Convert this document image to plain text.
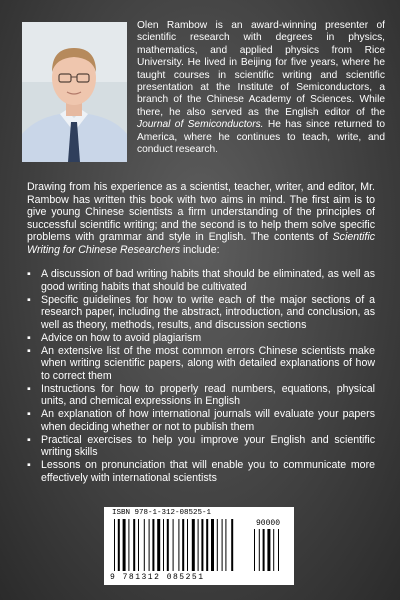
Olen Rambow is an award-winning presenter of scientific research with degrees in physics, mathematics, and applied physics from Rice University. He lived in Beijing for five years, where he taught courses in scientific writing and scientific presentation at the Institute of Semiconductors, a branch of the Chinese Academy of Sciences. While there, he also served as the English editor of the Journal of Semiconductors. He has since returned to America, where he continues to teach, write, and conduct research.
Drawing from his experience as a scientist, teacher, writer, and editor, Mr. Rambow has written this book with two aims in mind. The first aim is to give young Chinese scientists a firm understanding of the principles of successful scientific writing; and the second is to help them solve specific problems with grammar and style in English. The contents of Scientific Writing for Chinese Researchers include:
▪ A discussion of bad writing habits that should be eliminated, as well as good writing habits that should be cultivated
▪ Specific guidelines for how to write each of the major sections of a research paper, including the abstract, introduction, and conclusion, as well as theory, methods, results, and discussion sections
▪ Advice on how to avoid plagiarism
▪ An extensive list of the most common errors Chinese scientists make when writing scientific papers, along with detailed explanations of how to correct them
▪ Instructions for how to properly read numbers, equations, physical units, and chemical expressions in English
▪ An explanation of how international journals will evaluate your papers when deciding whether or not to publish them
▪ Practical exercises to help you improve your English and scientific writing skills
▪ Lessons on pronunciation that will enable you to communicate more effectively with international scientists
ISBN 978-1-312-08525-1
90000
9 781312 085251
